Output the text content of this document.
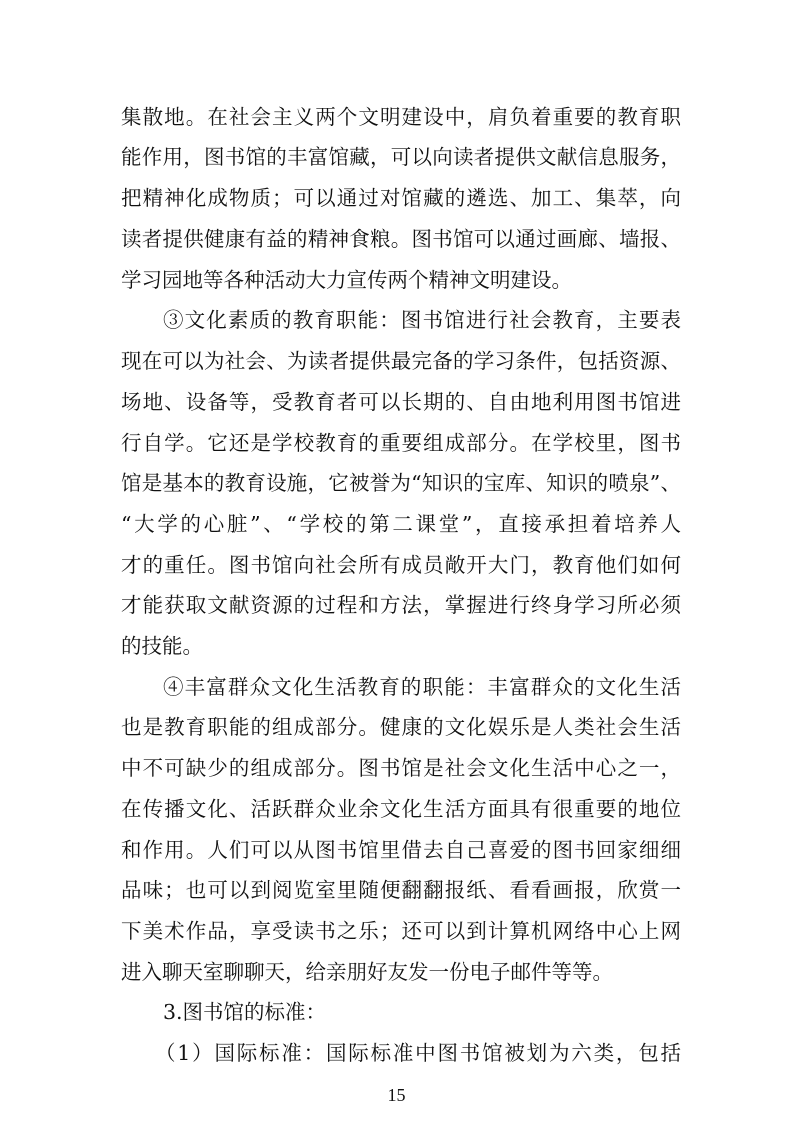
集散地。在社会主义两个文明建设中，肩负着重要的教育职
能作用，图书馆的丰富馆藏，可以向读者提供文献信息服务，
把精神化成物质；可以通过对馆藏的遴选、加工、集萃，向
读者提供健康有益的精神食粮。图书馆可以通过画廊、墙报、
学习园地等各种活动大力宣传两个精神文明建设。
③文化素质的教育职能：图书馆进行社会教育，主要表
现在可以为社会、为读者提供最完备的学习条件，包括资源、
场地、设备等，受教育者可以长期的、自由地利用图书馆进
行自学。它还是学校教育的重要组成部分。在学校里，图书
馆是基本的教育设施，它被誉为“知识的宝库、知识的喷泉”、
“大学的心脏”、“学校的第二课堂”，直接承担着培养人
才的重任。图书馆向社会所有成员敞开大门，教育他们如何
才能获取文献资源的过程和方法，掌握进行终身学习所必须
的技能。
④丰富群众文化生活教育的职能：丰富群众的文化生活
也是教育职能的组成部分。健康的文化娱乐是人类社会生活
中不可缺少的组成部分。图书馆是社会文化生活中心之一，
在传播文化、活跃群众业余文化生活方面具有很重要的地位
和作用。人们可以从图书馆里借去自己喜爱的图书回家细细
品味；也可以到阅览室里随便翻翻报纸、看看画报，欣赏一
下美术作品，享受读书之乐；还可以到计算机网络中心上网
进入聊天室聊聊天，给亲朋好友发一份电子邮件等等。
3.图书馆的标准：
（1）国际标准：国际标准中图书馆被划为六类，包括
15
